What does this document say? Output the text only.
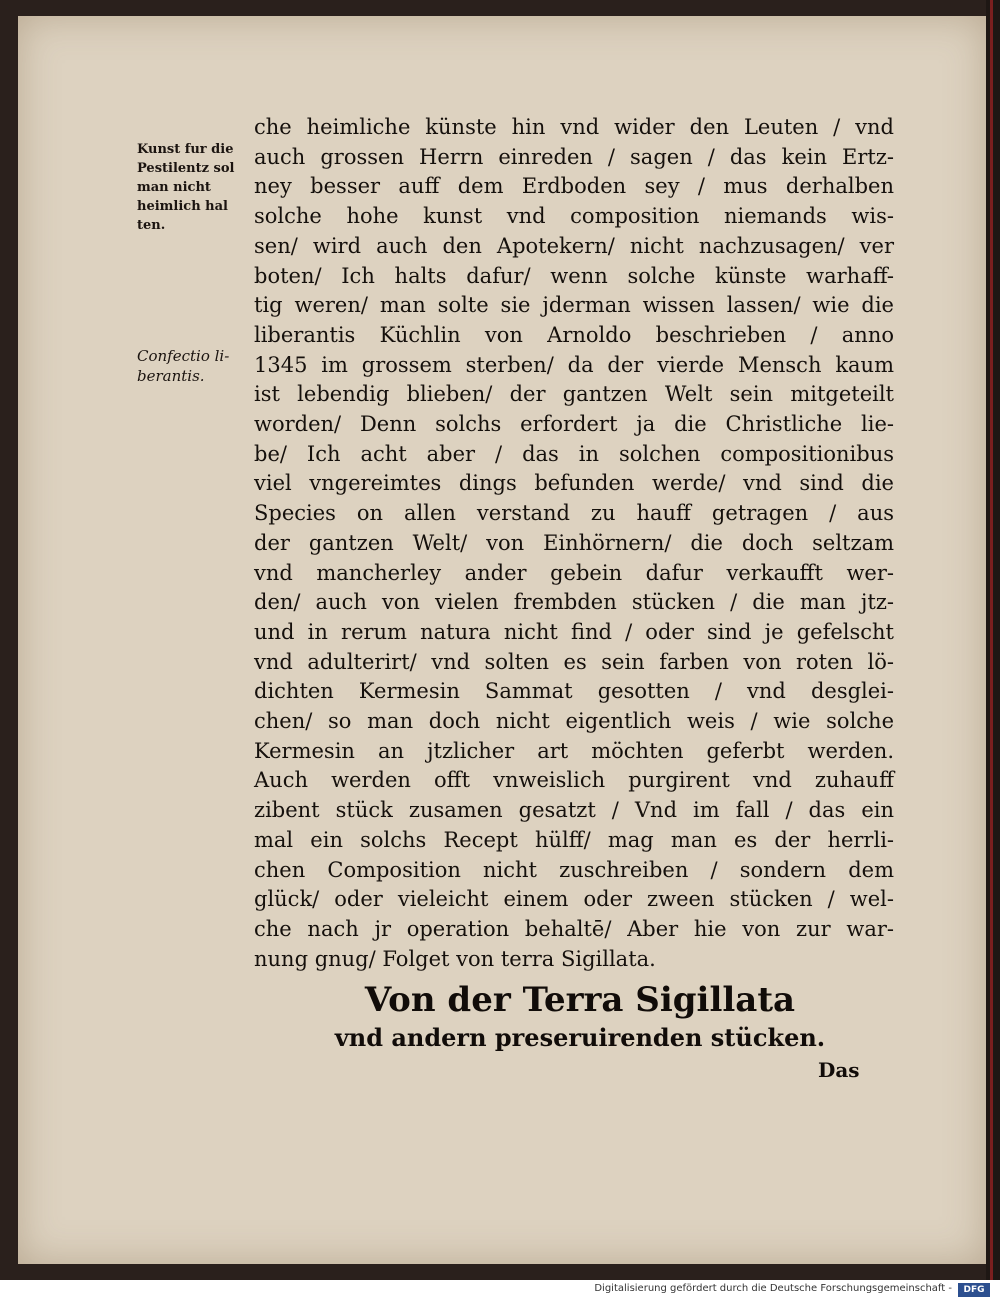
Kunst fur die Pestilentz sol man nicht heimlich hal ten.
Confectio li- berantis.
che heimliche künste hin vnd wider den Leuten / vnd
auch grossen Herrn einreden / sagen / das kein Ertz-
ney besser auff dem Erdboden sey / mus derhalben
solche hohe kunst vnd composition niemands wis-
sen/ wird auch den Apotekern/ nicht nachzusagen/ ver
boten/ Ich halts dafur/ wenn solche künste warhaff-
tig weren/ man solte sie jderman wissen lassen/ wie die
liberantis Küchlin von Arnoldo beschrieben / anno
1345 im grossem sterben/ da der vierde Mensch kaum
ist lebendig blieben/ der gantzen Welt sein mitgeteilt
worden/ Denn solchs erfordert ja die Christliche lie-
be/ Ich acht aber / das in solchen compositionibus
viel vngereimtes dings befunden werde/ vnd sind die
Species on allen verstand zu hauff getragen / aus
der gantzen Welt/ von Einhörnern/ die doch seltzam
vnd mancherley ander gebein dafur verkaufft wer-
den/ auch von vielen frembden stücken / die man jtz-
und in rerum natura nicht find / oder sind je gefelscht
vnd adulterirt/ vnd solten es sein farben von roten lö-
dichten Kermesin Sammat gesotten / vnd desglei-
chen/ so man doch nicht eigentlich weis / wie solche
Kermesin an jtzlicher art möchten geferbt werden.
Auch werden offt vnweislich purgirent vnd zuhauff
zibent stück zusamen gesatzt / Vnd im fall / das ein
mal ein solchs Recept hülff/ mag man es der herrli-
chen Composition nicht zuschreiben / sondern dem
glück/ oder vieleicht einem oder zween stücken / wel-
che nach jr operation behaltē/ Aber hie von zur war-
nung gnug/ Folget von terra Sigillata.
Von der Terra Sigillata
vnd andern preseruirenden stücken.
Das
Digitalisierung gefördert durch die Deutsche Forschungsgemeinschaft -	DFG
